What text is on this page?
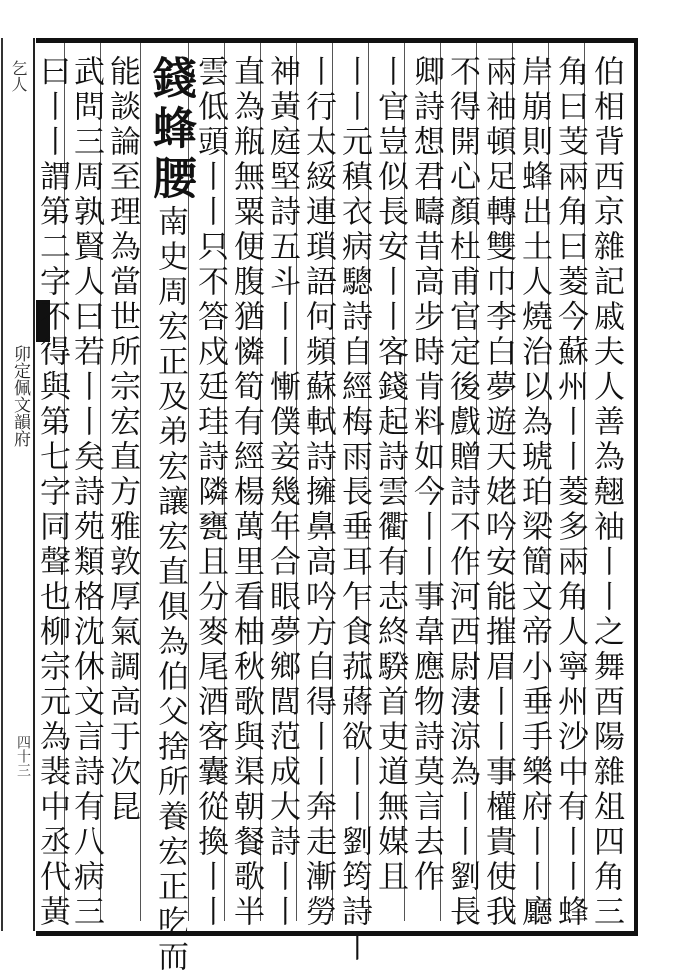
乞人
卯定佩文韻府
四十三	伯相背西京雜記戚夫人善為翹袖丨丨之舞酉陽雜俎四角三
角曰芰兩角曰菱今蘇州丨丨菱多兩角人寧州沙中有丨丨蜂
岸崩則蜂出土人燒治以為琥珀梁簡文帝小垂手樂府丨丨廳
兩袖頓足轉雙巾李白夢遊天姥吟安能摧眉丨丨事權貴使我
不得開心顏杜甫官定後戲贈詩不作河西尉淒涼為丨丨劉長
卿詩想君疇昔高步時肯料如今丨丨事韋應物詩莫言去作
丨官豈似長安丨丨客錢起詩雲衢有志終騤首吏道無媒且
丨丨元稹衣病驄詩自經梅雨長垂耳乍食菰蔣欲丨丨劉筠詩丨
丨行太綏連瑣語何頻蘇軾詩擁鼻高吟方自得丨丨奔走漸勞
神黃庭堅詩五斗丨丨慚僕妾幾年合眼夢鄉閭范成大詩丨丨
直為瓶無粟便腹猶憐筍有經楊萬里看柚秋歌與渠朝餐歌半
雲低頭丨丨只不答戍廷珪詩隣甕且分麥尾酒客囊從換丨丨
錢蜂腰南史周宏正及弟宏讓宏直俱為伯父捨所養宏正吃而
能談論至理為當世所宗宏直方雅敦厚氣調高于次昆
武問三周孰賢人曰若丨丨矣詩苑類格沈休文言詩有八病三
曰丨丨謂第二字不得與第七字同聲也柳宗元為裴中丞代黃
